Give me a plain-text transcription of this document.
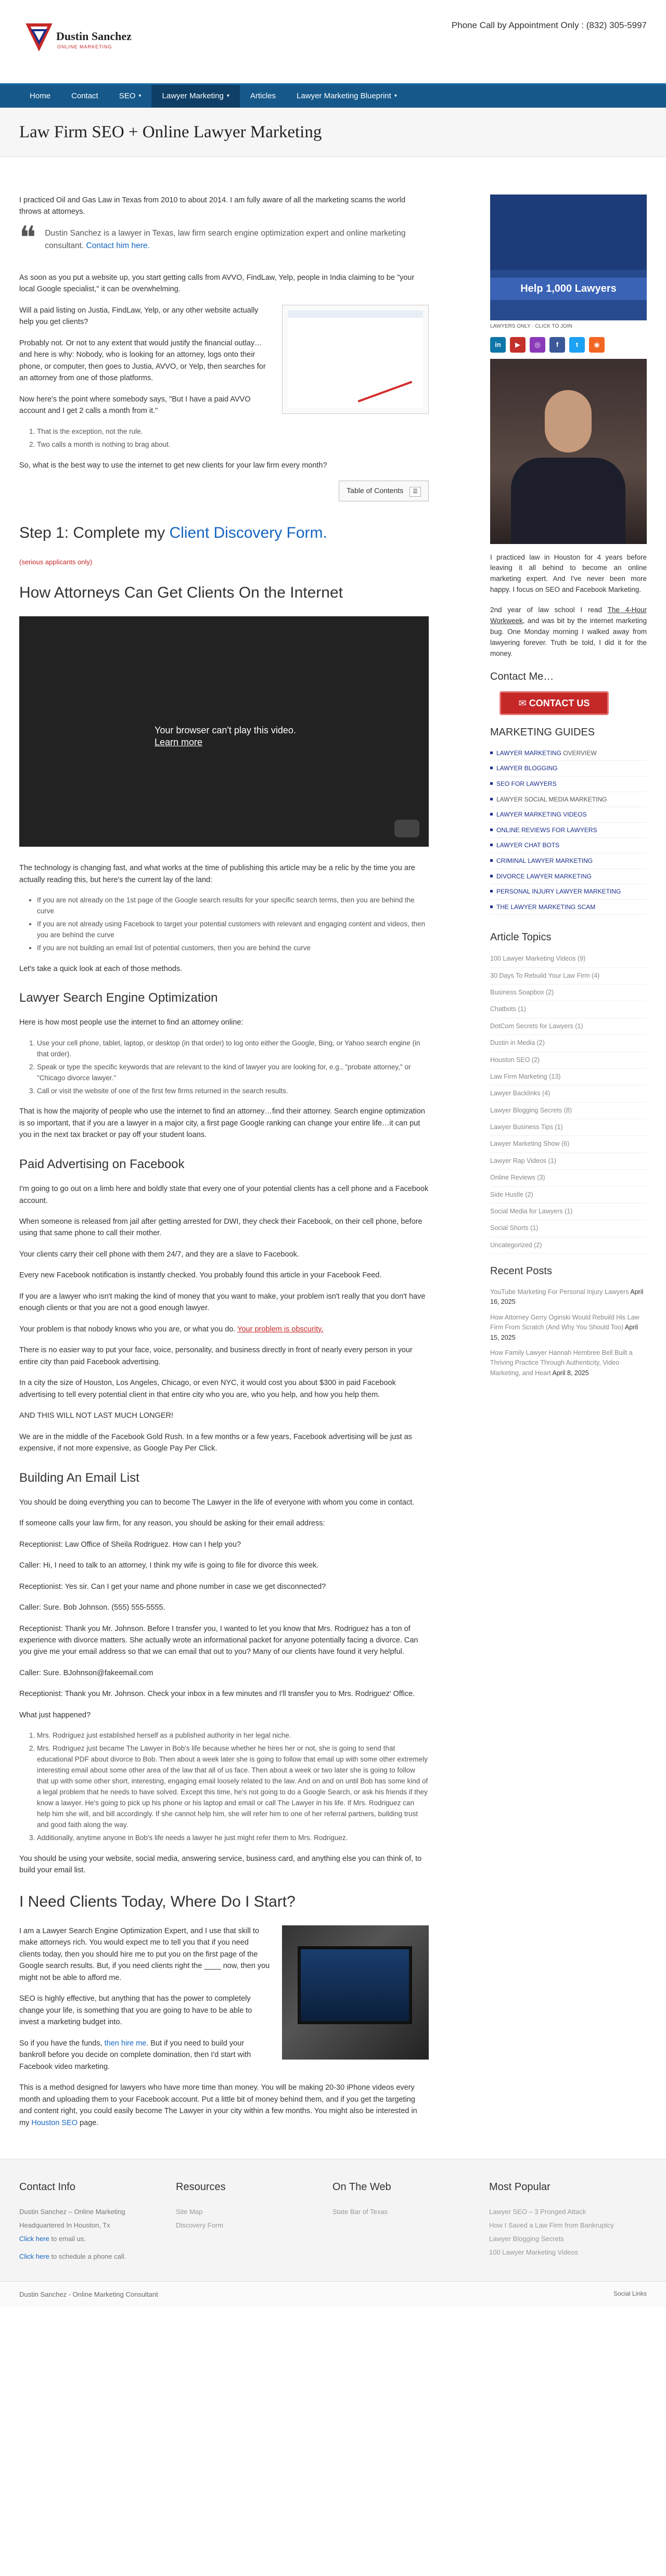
Dustin Sanchez
ONLINE MARKETING
Phone Call by Appointment Only : (832) 305-5997
Home	Contact	SEO ▾	Lawyer Marketing ▾	Articles	Lawyer Marketing Blueprint ▾
Law Firm SEO + Online Lawyer Marketing

I practiced Oil and Gas Law in Texas from 2010 to about 2014. I am fully aware of all the marketing scams the world throws at attorneys.

❝	Dustin Sanchez is a lawyer in Texas, law firm search engine optimization expert and online marketing consultant. Contact him here.

As soon as you put a website up, you start getting calls from AVVO, FindLaw, Yelp, people in India claiming to be "your local Google specialist," it can be overwhelming.

Will a paid listing on Justia, FindLaw, Yelp, or any other website actually help you get clients?

Probably not. Or not to any extent that would justify the financial outlay…and here is why: Nobody, who is looking for an attorney, logs onto their phone, or computer, then goes to Justia, AVVO, or Yelp, then searches for an attorney from one of those platforms.

Now here's the point where somebody says, "But I have a paid AVVO account and I get 2 calls a month from it."

1. That is the exception, not the rule.
2. Two calls a month is nothing to brag about.

So, what is the best way to use the internet to get new clients for your law firm every month?

Table of Contents ☰
Step 1: Complete my Client Discovery Form.

(serious applicants only)

How Attorneys Can Get Clients On the Internet
Your browser can't play this video.
Learn more

The technology is changing fast, and what works at the time of publishing this article may be a relic by the time you are actually reading this, but here's the current lay of the land:

• If you are not already on the 1st page of the Google search results for your specific search terms, then you are behind the curve
• If you are not already using Facebook to target your potential customers with relevant and engaging content and videos, then you are behind the curve
• If you are not building an email list of potential customers, then you are behind the curve

Let's take a quick look at each of those methods.

Lawyer Search Engine Optimization

Here is how most people use the internet to find an attorney online:

1. Use your cell phone, tablet, laptop, or desktop (in that order) to log onto either the Google, Bing, or Yahoo search engine (in that order).
2. Speak or type the specific keywords that are relevant to the kind of lawyer you are looking for, e.g., "probate attorney," or "Chicago divorce lawyer."
3. Call or visit the website of one of the first few firms returned in the search results.

That is how the majority of people who use the internet to find an attorney…find their attorney. Search engine optimization is so important, that if you are a lawyer in a major city, a first page Google ranking can change your entire life…it can put you in the next tax bracket or pay off your student loans.

Paid Advertising on Facebook

I'm going to go out on a limb here and boldly state that every one of your potential clients has a cell phone and a Facebook account.

When someone is released from jail after getting arrested for DWI, they check their Facebook, on their cell phone, before using that same phone to call their mother.

Your clients carry their cell phone with them 24/7, and they are a slave to Facebook.

Every new Facebook notification is instantly checked. You probably found this article in your Facebook Feed.

If you are a lawyer who isn't making the kind of money that you want to make, your problem isn't really that you don't have enough clients or that you are not a good enough lawyer.

Your problem is that nobody knows who you are, or what you do. Your problem is obscurity.

There is no easier way to put your face, voice, personality, and business directly in front of nearly every person in your entire city than paid Facebook advertising.

In a city the size of Houston, Los Angeles, Chicago, or even NYC, it would cost you about $300 in paid Facebook advertising to tell every potential client in that entire city who you are, who you help, and how you help them.

AND THIS WILL NOT LAST MUCH LONGER!

We are in the middle of the Facebook Gold Rush. In a few months or a few years, Facebook advertising will be just as expensive, if not more expensive, as Google Pay Per Click.

Building An Email List

You should be doing everything you can to become The Lawyer in the life of everyone with whom you come in contact.

If someone calls your law firm, for any reason, you should be asking for their email address:

Receptionist: Law Office of Sheila Rodriguez. How can I help you?

Caller: Hi, I need to talk to an attorney, I think my wife is going to file for divorce this week.

Receptionist: Yes sir. Can I get your name and phone number in case we get disconnected?

Caller: Sure. Bob Johnson. (555) 555-5555.

Receptionist: Thank you Mr. Johnson. Before I transfer you, I wanted to let you know that Mrs. Rodriguez has a ton of experience with divorce matters. She actually wrote an informational packet for anyone potentially facing a divorce. Can you give me your email address so that we can email that out to you? Many of our clients have found it very helpful.

Caller: Sure. BJohnson@fakeemail.com

Receptionist: Thank you Mr. Johnson. Check your inbox in a few minutes and I'll transfer you to Mrs. Rodriguez' Office.

What just happened?

1. Mrs. Rodriguez just established herself as a published authority in her legal niche.
2. Mrs. Rodriguez just became The Lawyer in Bob's life because whether he hires her or not, she is going to send that educational PDF about divorce to Bob. Then about a week later she is going to follow that email up with some other extremely interesting email about some other area of the law that all of us face. Then about a week or two later she is going to follow that up with some other short, interesting, engaging email loosely related to the law. And on and on until Bob has some kind of a legal problem that he needs to have solved. Except this time, he's not going to do a Google Search, or ask his friends if they know a lawyer. He's going to pick up his phone or his laptop and email or call The Lawyer in his life. If Mrs. Rodriguez can help him she will, and bill accordingly. If she cannot help him, she will refer him to one of her referral partners, building trust and good faith along the way.
3. Additionally, anytime anyone in Bob's life needs a lawyer he just might refer them to Mrs. Rodriguez.

You should be using your website, social media, answering service, business card, and anything else you can think of, to build your email list.

I Need Clients Today, Where Do I Start?

I am a Lawyer Search Engine Optimization Expert, and I use that skill to make attorneys rich. You would expect me to tell you that if you need clients today, then you should hire me to put you on the first page of the Google search results. But, if you need clients right the ____ now, then you might not be able to afford me.

SEO is highly effective, but anything that has the power to completely change your life, is something that you are going to have to be able to invest a marketing budget into.

So if you have the funds, then hire me. But if you need to build your bankroll before you decide on complete domination, then I'd start with Facebook video marketing.

This is a method designed for lawyers who have more time than money. You will be making 20-30 iPhone videos every month and uploading them to your Facebook account. Put a little bit of money behind them, and if you get the targeting and content right, you could easily become The Lawyer in your city within a few months. You might also be interested in my Houston SEO page.

Help 1,000 Lawyers
LAWYERS ONLY · CLICK TO JOIN
in	▶	◎	f	t	◉

I practiced law in Houston for 4 years before leaving it all behind to become an online marketing expert. And I've never been more happy. I focus on SEO and Facebook Marketing.

2nd year of law school I read The 4-Hour Workweek, and was bit by the internet marketing bug. One Monday morning I walked away from lawyering forever. Truth be told, I did it for the money.

Contact Me…
✉ CONTACT US
MARKETING GUIDES
LAWYER MARKETING OVERVIEW
LAWYER BLOGGING
SEO FOR LAWYERS
LAWYER SOCIAL MEDIA MARKETING
LAWYER MARKETING VIDEOS
ONLINE REVIEWS FOR LAWYERS
LAWYER CHAT BOTS
CRIMINAL LAWYER MARKETING
DIVORCE LAWYER MARKETING
PERSONAL INJURY LAWYER MARKETING
THE LAWYER MARKETING SCAM
Article Topics
100 Lawyer Marketing Videos (9)
30 Days To Rebuild Your Law Firm (4)
Business Soapbox (2)
Chatbots (1)
DotCom Secrets for Lawyers (1)
Dustin in Media (2)
Houston SEO (2)
Law Firm Marketing (13)
Lawyer Backlinks (4)
Lawyer Blogging Secrets (8)
Lawyer Business Tips (1)
Lawyer Marketing Show (6)
Lawyer Rap Videos (1)
Online Reviews (3)
Side Hustle (2)
Social Media for Lawyers (1)
Social Shorts (1)
Uncategorized (2)
Recent Posts
YouTube Marketing For Personal Injury Lawyers April 16, 2025
How Attorney Gerry Oginski Would Rebuild His Law Firm From Scratch (And Why You Should Too) April 15, 2025
How Family Lawyer Hannah Hembree Bell Built a Thriving Practice Through Authenticity, Video Marketing, and Heart April 8, 2025
Contact Info

Dustin Sanchez – Online Marketing

Headquartered In Houston, Tx

Click here to email us.

Click here to schedule a phone call.

Resources

Site Map

Discovery Form

On The Web

State Bar of Texas

Most Popular

Lawyer SEO – 3 Pronged Attack

How I Saved a Law Firm from Bankruptcy

Lawyer Blogging Secrets

100 Lawyer Marketing Videos

Dustin Sanchez - Online Marketing Consultant	Social Links
